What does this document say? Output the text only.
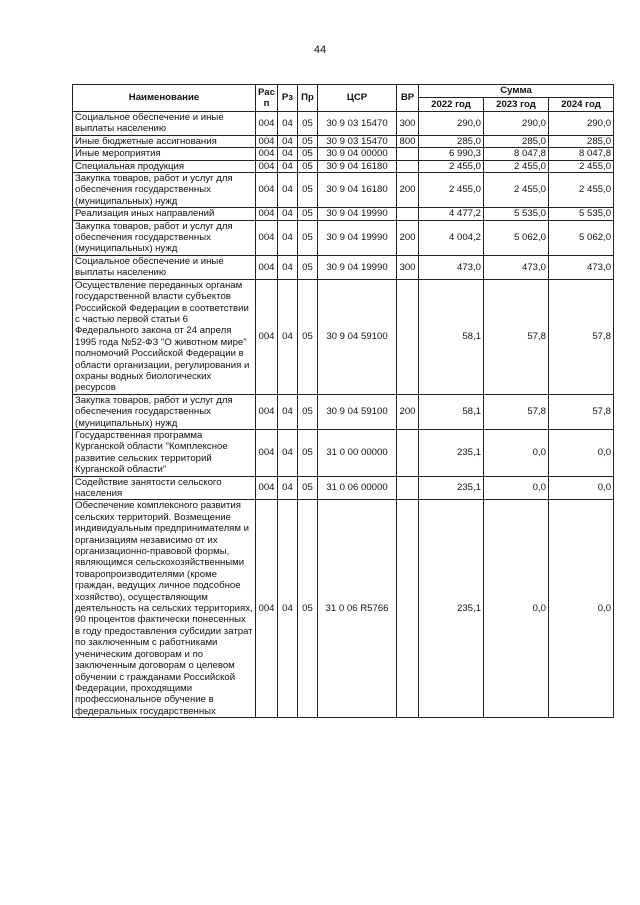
44
Наименование	Рас п	Рз	Пр	ЦСР	ВР	Сумма		
						2022 год	2023 год	2024 год
Социальное обеспечение и иные выплаты населению	004	04	05	30 9 03 15470	300	290,0	290,0	290,0
Иные бюджетные ассигнования	004	04	05	30 9 03 15470	800	285,0	285,0	285,0
Иные мероприятия	004	04	05	30 9 04 00000		6 990,3	8 047,8	8 047,8
Специальная продукция	004	04	05	30 9 04 16180		2 455,0	2 455,0	2 455,0
Закупка товаров, работ и услуг для обеспечения государственных (муниципальных) нужд	004	04	05	30 9 04 16180	200	2 455,0	2 455,0	2 455,0
Реализация иных направлений	004	04	05	30 9 04 19990		4 477,2	5 535,0	5 535,0
Закупка товаров, работ и услуг для обеспечения государственных (муниципальных) нужд	004	04	05	30 9 04 19990	200	4 004,2	5 062,0	5 062,0
Социальное обеспечение и иные выплаты населению	004	04	05	30 9 04 19990	300	473,0	473,0	473,0
Осуществление переданных органам государственной власти субъектов Российской Федерации в соответствии с частью первой статьи 6 Федерального закона от 24 апреля 1995 года №52-ФЗ "О животном мире" полномочий Российской Федерации в области организации, регулирования и охраны водных биологических ресурсов	004	04	05	30 9 04 59100		58,1	57,8	57,8
Закупка товаров, работ и услуг для обеспечения государственных (муниципальных) нужд	004	04	05	30 9 04 59100	200	58,1	57,8	57,8
Государственная программа Курганской области "Комплексное развитие сельских территорий Курганской области"	004	04	05	31 0 00 00000		235,1	0,0	0,0
Содействие занятости сельского населения	004	04	05	31 0 06 00000		235,1	0,0	0,0
Обеспечение комплексного развития сельских территорий. Возмещение индивидуальным предпринимателям и организациям независимо от их организационно-правовой формы, являющимся сельскохозяйственными товаропроизводителями (кроме граждан, ведущих личное подсобное хозяйство), осуществляющим деятельность на сельских территориях, 90 процентов фактически понесенных в году предоставления субсидии затрат по заключенным с работниками ученическим договорам и по заключенным договорам о целевом обучении с гражданами Российской Федерации, проходящими профессиональное обучение в федеральных государственных	004	04	05	31 0 06 R5766		235,1	0,0	0,0
